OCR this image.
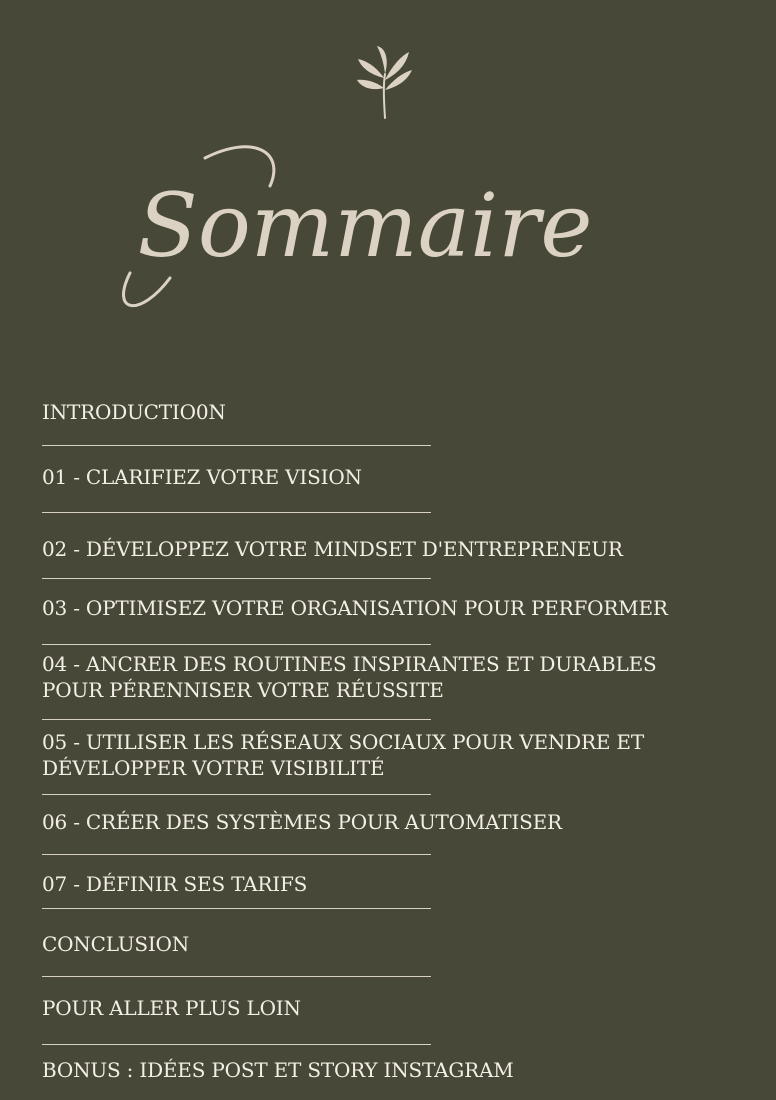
Sommaire
INTRODUCTIO0N
01 - CLARIFIEZ VOTRE VISION
02 - DÉVELOPPEZ VOTRE MINDSET D'ENTREPRENEUR
03 - OPTIMISEZ VOTRE ORGANISATION POUR PERFORMER
04 - ANCRER DES ROUTINES INSPIRANTES ET DURABLES POUR PÉRENNISER VOTRE RÉUSSITE
05 - UTILISER LES RÉSEAUX SOCIAUX POUR VENDRE ET DÉVELOPPER VOTRE VISIBILITÉ
06 - CRÉER DES SYSTÈMES POUR AUTOMATISER
07 - DÉFINIR SES TARIFS
CONCLUSION
POUR ALLER PLUS LOIN
BONUS : IDÉES POST ET STORY INSTAGRAM
